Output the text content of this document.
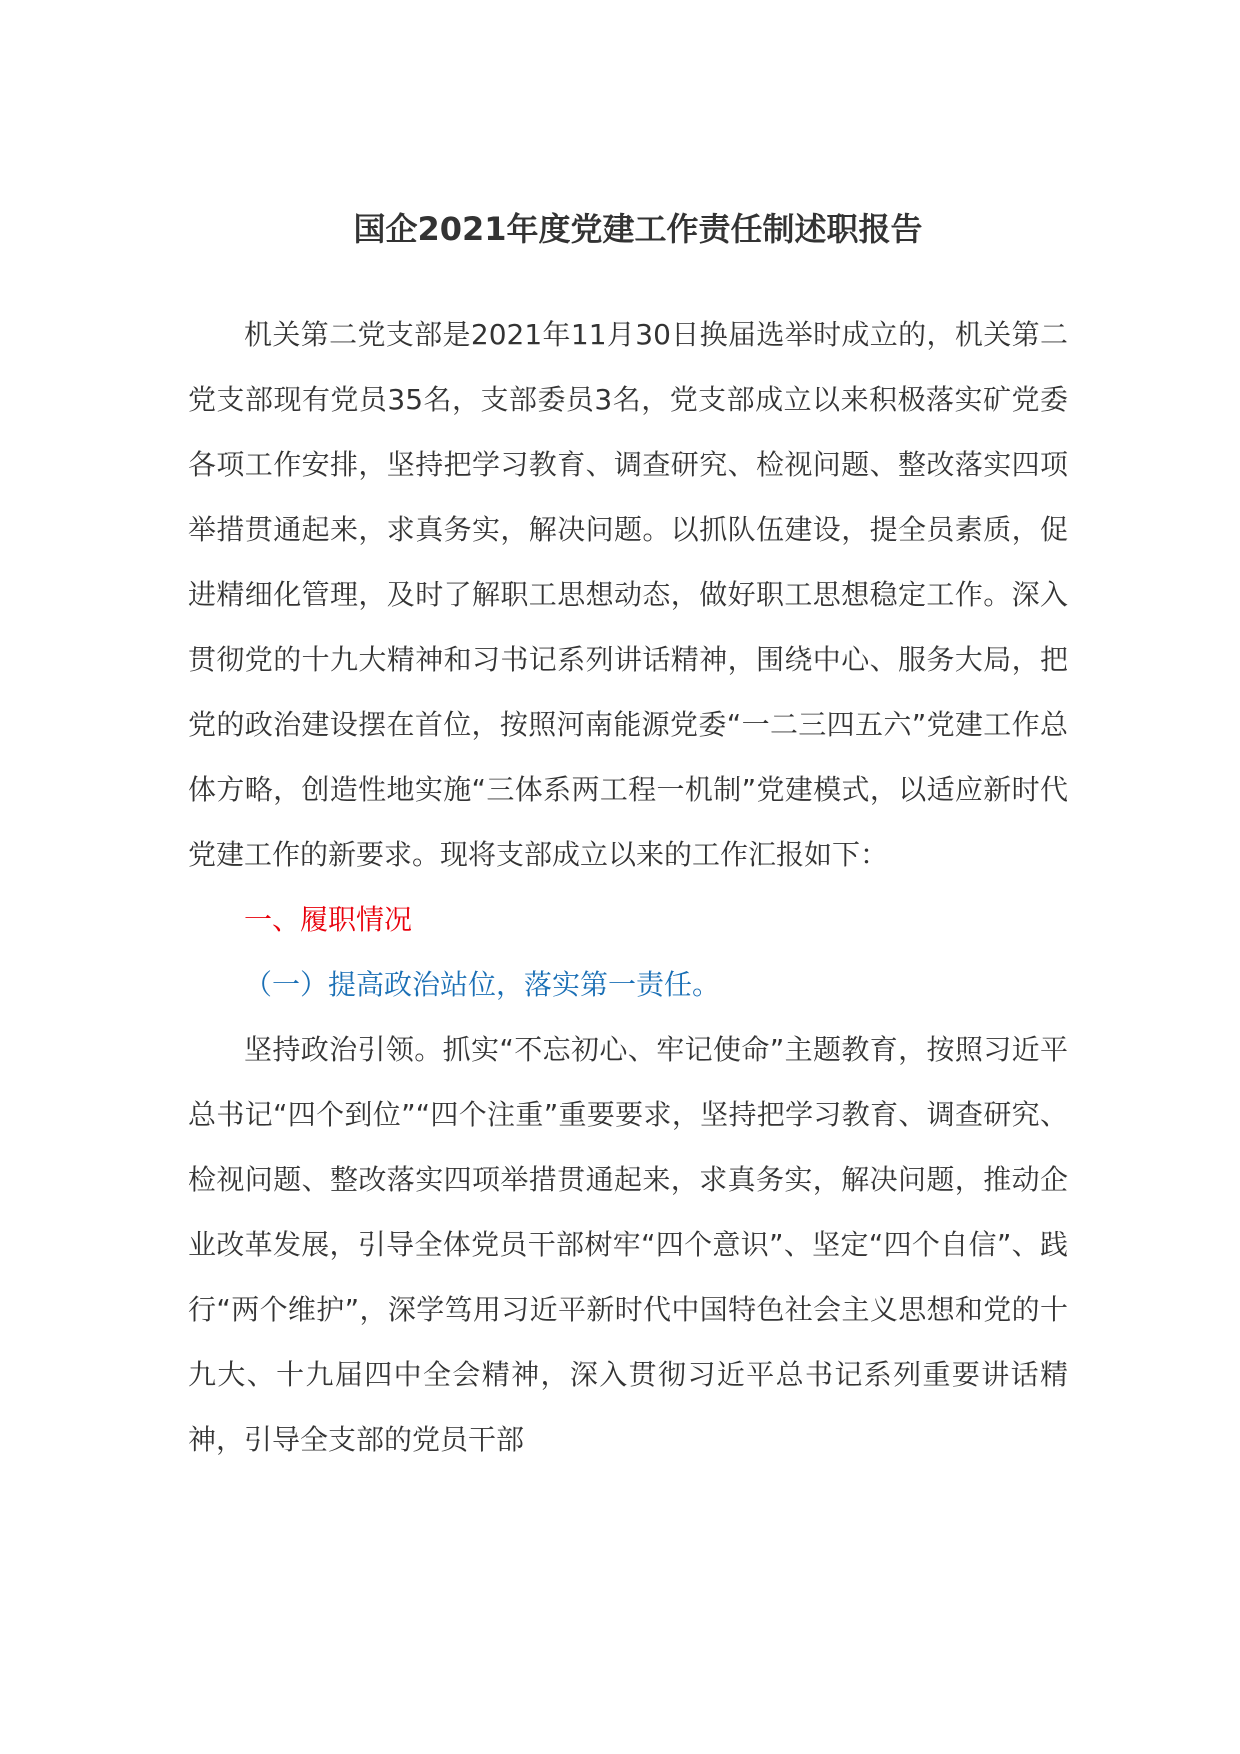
国企2021年度党建工作责任制述职报告

机关第二党支部是2021年11月30日换届选举时成立的，机关第二党支部现有党员35名，支部委员3名，党支部成立以来积极落实矿党委各项工作安排，坚持把学习教育、调查研究、检视问题、整改落实四项举措贯通起来，求真务实，解决问题。以抓队伍建设，提全员素质，促进精细化管理，及时了解职工思想动态，做好职工思想稳定工作。深入贯彻党的十九大精神和习书记系列讲话精神，围绕中心、服务大局，把党的政治建设摆在首位，按照河南能源党委“一二三四五六”党建工作总体方略，创造性地实施“三体系两工程一机制”党建模式，以适应新时代党建工作的新要求。现将支部成立以来的工作汇报如下：

一、履职情况

（一）提高政治站位，落实第一责任。

坚持政治引领。抓实“不忘初心、牢记使命”主题教育，按照习近平总书记“四个到位”“四个注重”重要要求，坚持把学习教育、调查研究、检视问题、整改落实四项举措贯通起来，求真务实，解决问题，推动企业改革发展，引导全体党员干部树牢“四个意识”、坚定“四个自信”、践行“两个维护”，深学笃用习近平新时代中国特色社会主义思想和党的十九大、十九届四中全会精神，深入贯彻习近平总书记系列重要讲话精神，引导全支部的党员干部
